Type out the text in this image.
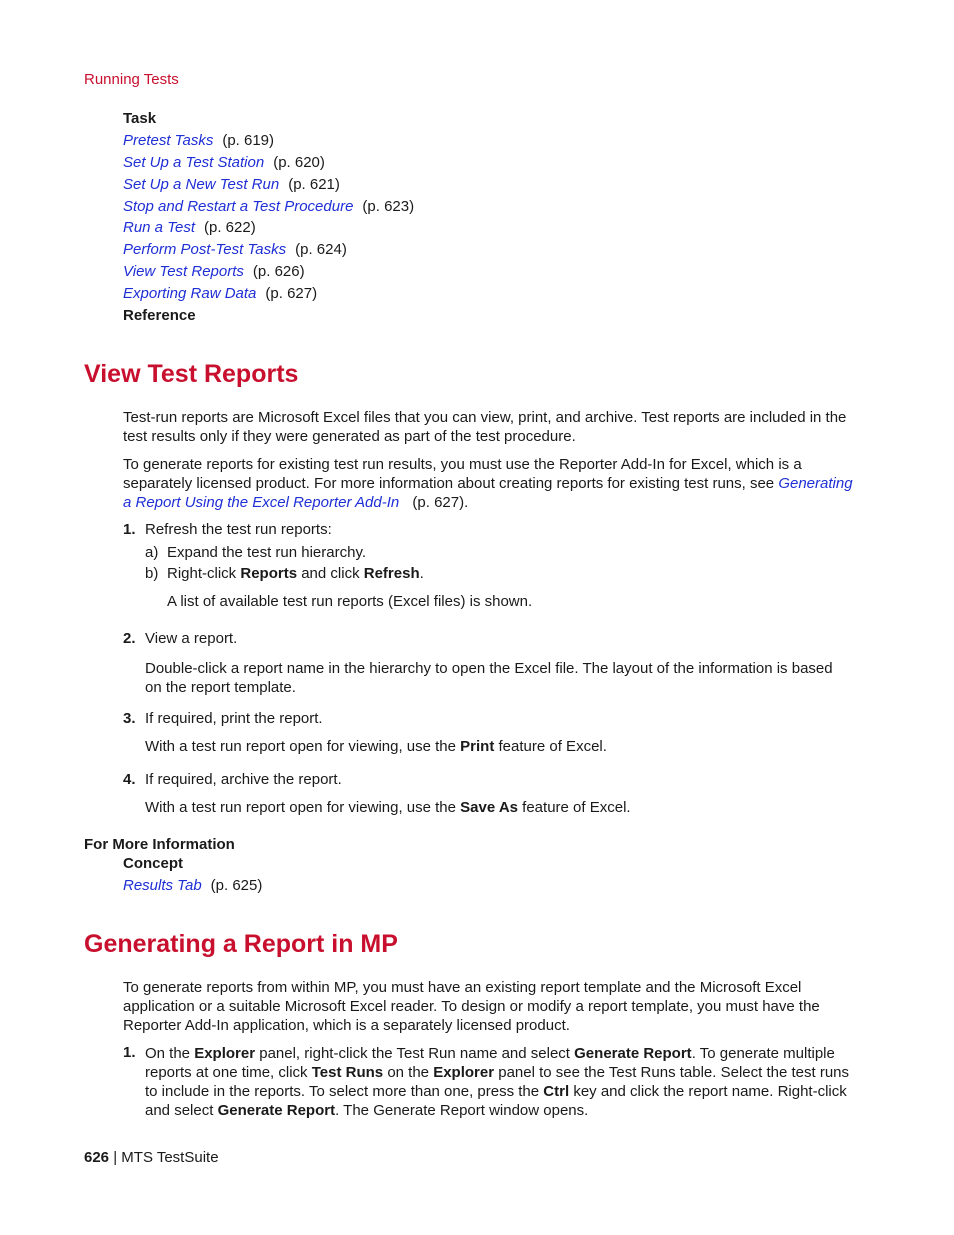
Running Tests
Task
Pretest Tasks (p. 619)
Set Up a Test Station (p. 620)
Set Up a New Test Run (p. 621)
Stop and Restart a Test Procedure (p. 623)
Run a Test (p. 622)
Perform Post-Test Tasks (p. 624)
View Test Reports (p. 626)
Exporting Raw Data (p. 627)
Reference
View Test Reports
Test-run reports are Microsoft Excel files that you can view, print, and archive. Test reports are included in the test results only if they were generated as part of the test procedure.
To generate reports for existing test run results, you must use the Reporter Add-In for Excel, which is a separately licensed product. For more information about creating reports for existing test runs, see Generating a Report Using the Excel Reporter Add-In (p. 627).
1. Refresh the test run reports:
a) Expand the test run hierarchy.
b) Right-click Reports and click Refresh.
A list of available test run reports (Excel files) is shown.
2. View a report.
Double-click a report name in the hierarchy to open the Excel file. The layout of the information is based on the report template.
3. If required, print the report.
With a test run report open for viewing, use the Print feature of Excel.
4. If required, archive the report.
With a test run report open for viewing, use the Save As feature of Excel.
For More Information
Concept
Results Tab (p. 625)
Generating a Report in MP
To generate reports from within MP, you must have an existing report template and the Microsoft Excel application or a suitable Microsoft Excel reader. To design or modify a report template, you must have the Reporter Add-In application, which is a separately licensed product.
1. On the Explorer panel, right-click the Test Run name and select Generate Report. To generate multiple reports at one time, click Test Runs on the Explorer panel to see the Test Runs table. Select the test runs to include in the reports. To select more than one, press the Ctrl key and click the report name. Right-click and select Generate Report. The Generate Report window opens.
626 | MTS TestSuite
